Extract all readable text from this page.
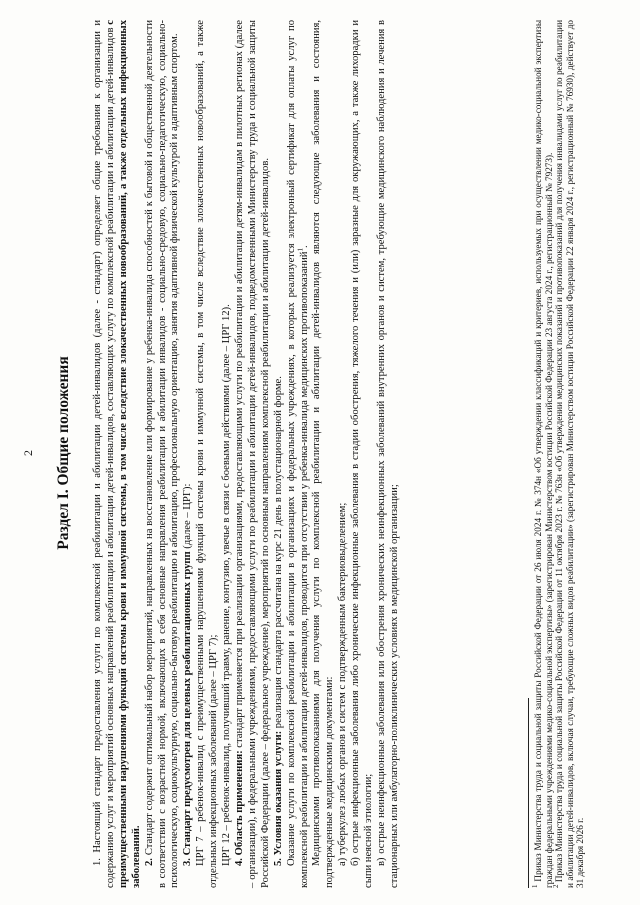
2 Раздел I. Общие положения 1. Настоящий стандарт предоставления услуги по комплексной реабилитации и абилитации детей-инвалидов (далее - стандарт) определяет общие требования к организации и содержанию услуг и мероприятий основных направлений реабилитации и абилитации детей-инвалидов, составляющих услугу по комплексной реабилитации и абилитации детей-инвалидов с преимущественными нарушениями функций системы крови и иммунной системы, в том числе вследствие злокачественных новообразований, а также отдельных инфекционных заболеваний. 2. Стандарт содержит оптимальный набор мероприятий, направленных на восстановление или формирование у ребенка-инвалида способностей к бытовой и общественной деятельности в соответствии с возрастной нормой, включающих в себя основные направления реабилитации и абилитации инвалидов - социально-средовую, социально-педагогическую, социально-психологическую, социокультурную, социально-бытовую реабилитацию и абилитацию, профессиональную ориентацию, занятия адаптивной физической культурой и адаптивным спортом. 3. Стандарт предусмотрен для целевых реабилитационных групп (далее – ЦРГ): ЦРГ 7 – ребенок-инвалид с преимущественными нарушениями функций системы крови и иммунной системы, в том числе вследствие злокачественных новообразований, а также отдельных инфекционных заболеваний (далее – ЦРГ 7); ЦРГ 12 – ребенок-инвалид, получивший травму, ранение, контузию, увечье в связи с боевыми действиями (далее – ЦРГ 12). 4. Область применения: стандарт применяется при реализации организациями, предоставляющими услуги по реабилитации и абилитации детям-инвалидам в пилотных регионах (далее – организации), и федеральными учреждениями, предоставляющими услуги по реабилитации и абилитации детей-инвалидов, подведомственными Министерству труда и социальной защиты Российской Федерации (далее – федеральное учреждение), мероприятий по основным направлениям комплексной реабилитации и абилитации детей-инвалидов. 5. Условия оказания услуги: реализация стандарта рассчитана на курс 21 день в полустационарной форме. Оказание услуги по комплексной реабилитации и абилитации в организациях и федеральных учреждениях, в которых реализуется электронный сертификат для оплаты услуг по комплексной реабилитации и абилитации детей-инвалидов, проводится при отсутствии у ребенка-инвалида медицинских противопоказаний$^1$. Медицинскими противопоказаниями для получения услуги по комплексной реабилитации и абилитации детей-инвалидов являются следующие заболевания и состояния, подтвержденные медицинскими документами: а) туберкулез любых органов и систем с подтвержденным бактериовыделением; б) острые инфекционные заболевания либо хронические инфекционные заболевания в стадии обострения, тяжелого течения и (или) заразные для окружающих, а также лихорадки и сыпи неясной этиологии; в) острые неинфекционные заболевания или обострения хронических неинфекционных заболеваний внутренних органов и систем, требующие медицинского наблюдения и лечения в стационарных или амбулаторно-поликлинических условиях в медицинской организации;	$^1$ Приказ Министерства труда и социальной защиты Российской Федерации от 26 июля 2024 г. № 374н «Об утверждении классификаций и критериев, используемых при осуществлении медико-социальной экспертизы граждан федеральными учреждениями медико-социальной экспертизы» (зарегистрирован Министерством юстиции Российской Федерации 23 августа 2024 г., регистрационный № 79273).

$^2$ Приказ Министерства труда и социальной защиты Российской Федерации от 11 октября 2023 г. № 763н «Об утверждении медицинских показаний и противопоказаний для получения инвалидами услуг по реабилитации и абилитации детей-инвалидов, включая случаи, требующие сложных видов реабилитации» (зарегистрирован Министерством юстиции Российской Федерации 22 января 2024 г., регистрационный № 76930), действует до 31 декабря 2026 г.
